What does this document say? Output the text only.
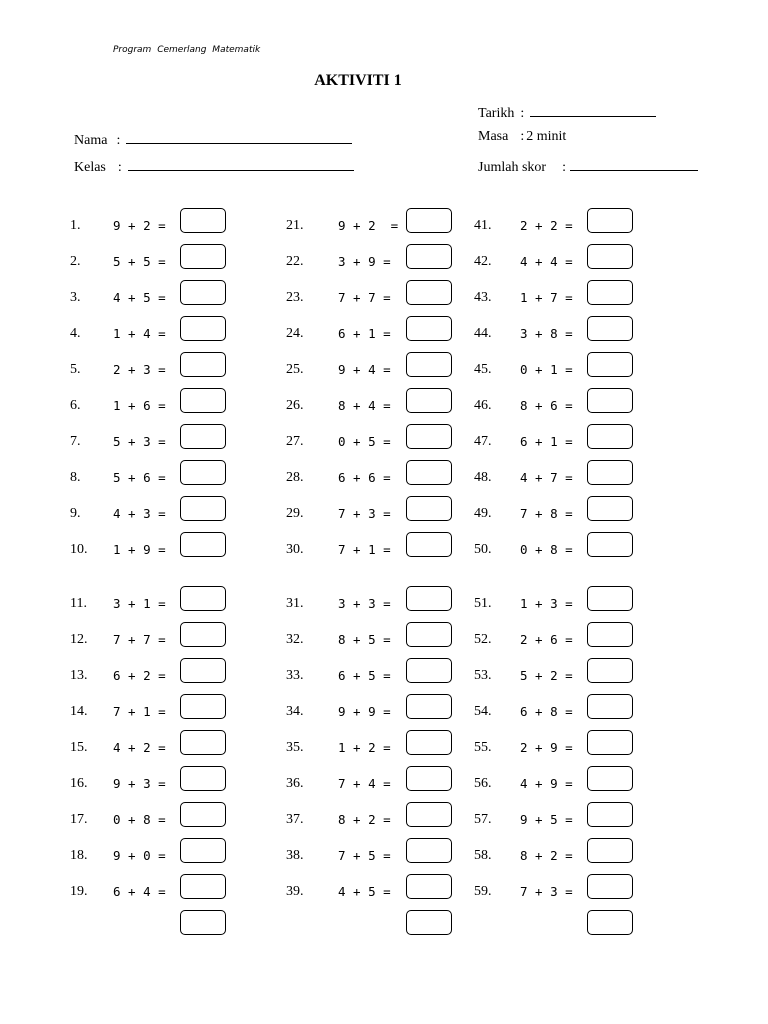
Program Cemerlang Matematik
AKTIVITI 1
Tarikh :
Nama :	Masa : 2 minit
Kelas :	Jumlah skor :
1.	9 + 2 =
2.	5 + 5 =
3.	4 + 5 =
4.	1 + 4 =
5.	2 + 3 =
6.	1 + 6 =
7.	5 + 3 =
8.	5 + 6 =
9.	4 + 3 =
10. 1 + 9 =
11. 3 + 1 =
12. 7 + 7 =
13. 6 + 2 =
14. 7 + 1 =
15. 4 + 2 =
16. 9 + 3 =
17. 0 + 8 =
18. 9 + 0 =
19. 6 + 4 =
21.	9 + 2  =
22.	3 + 9 =
23.	7 + 7 =
24.	6 + 1 =
25.	9 + 4 =
26.	8 + 4 =
27.	0 + 5 =
28.	6 + 6 =
29.	7 + 3 =
30.	7 + 1 =
31.	3 + 3 =
32.	8 + 5 =
33.	6 + 5 =
34.	9 + 9 =
35.	1 + 2 =
36.	7 + 4 =
37.	8 + 2 =
38.	7 + 5 =
39.	4 + 5 =
41. 2 + 2 =
42. 4 + 4 =
43. 1 + 7 =
44. 3 + 8 =
45. 0 + 1 =
46. 8 + 6 =
47. 6 + 1 =
48. 4 + 7 =
49. 7 + 8 =
50. 0 + 8 =
51. 1 + 3 =
52. 2 + 6 =
53. 5 + 2 =
54. 6 + 8 =
55. 2 + 9 =
56. 4 + 9 =
57. 9 + 5 =
58. 8 + 2 =
59. 7 + 3 =
